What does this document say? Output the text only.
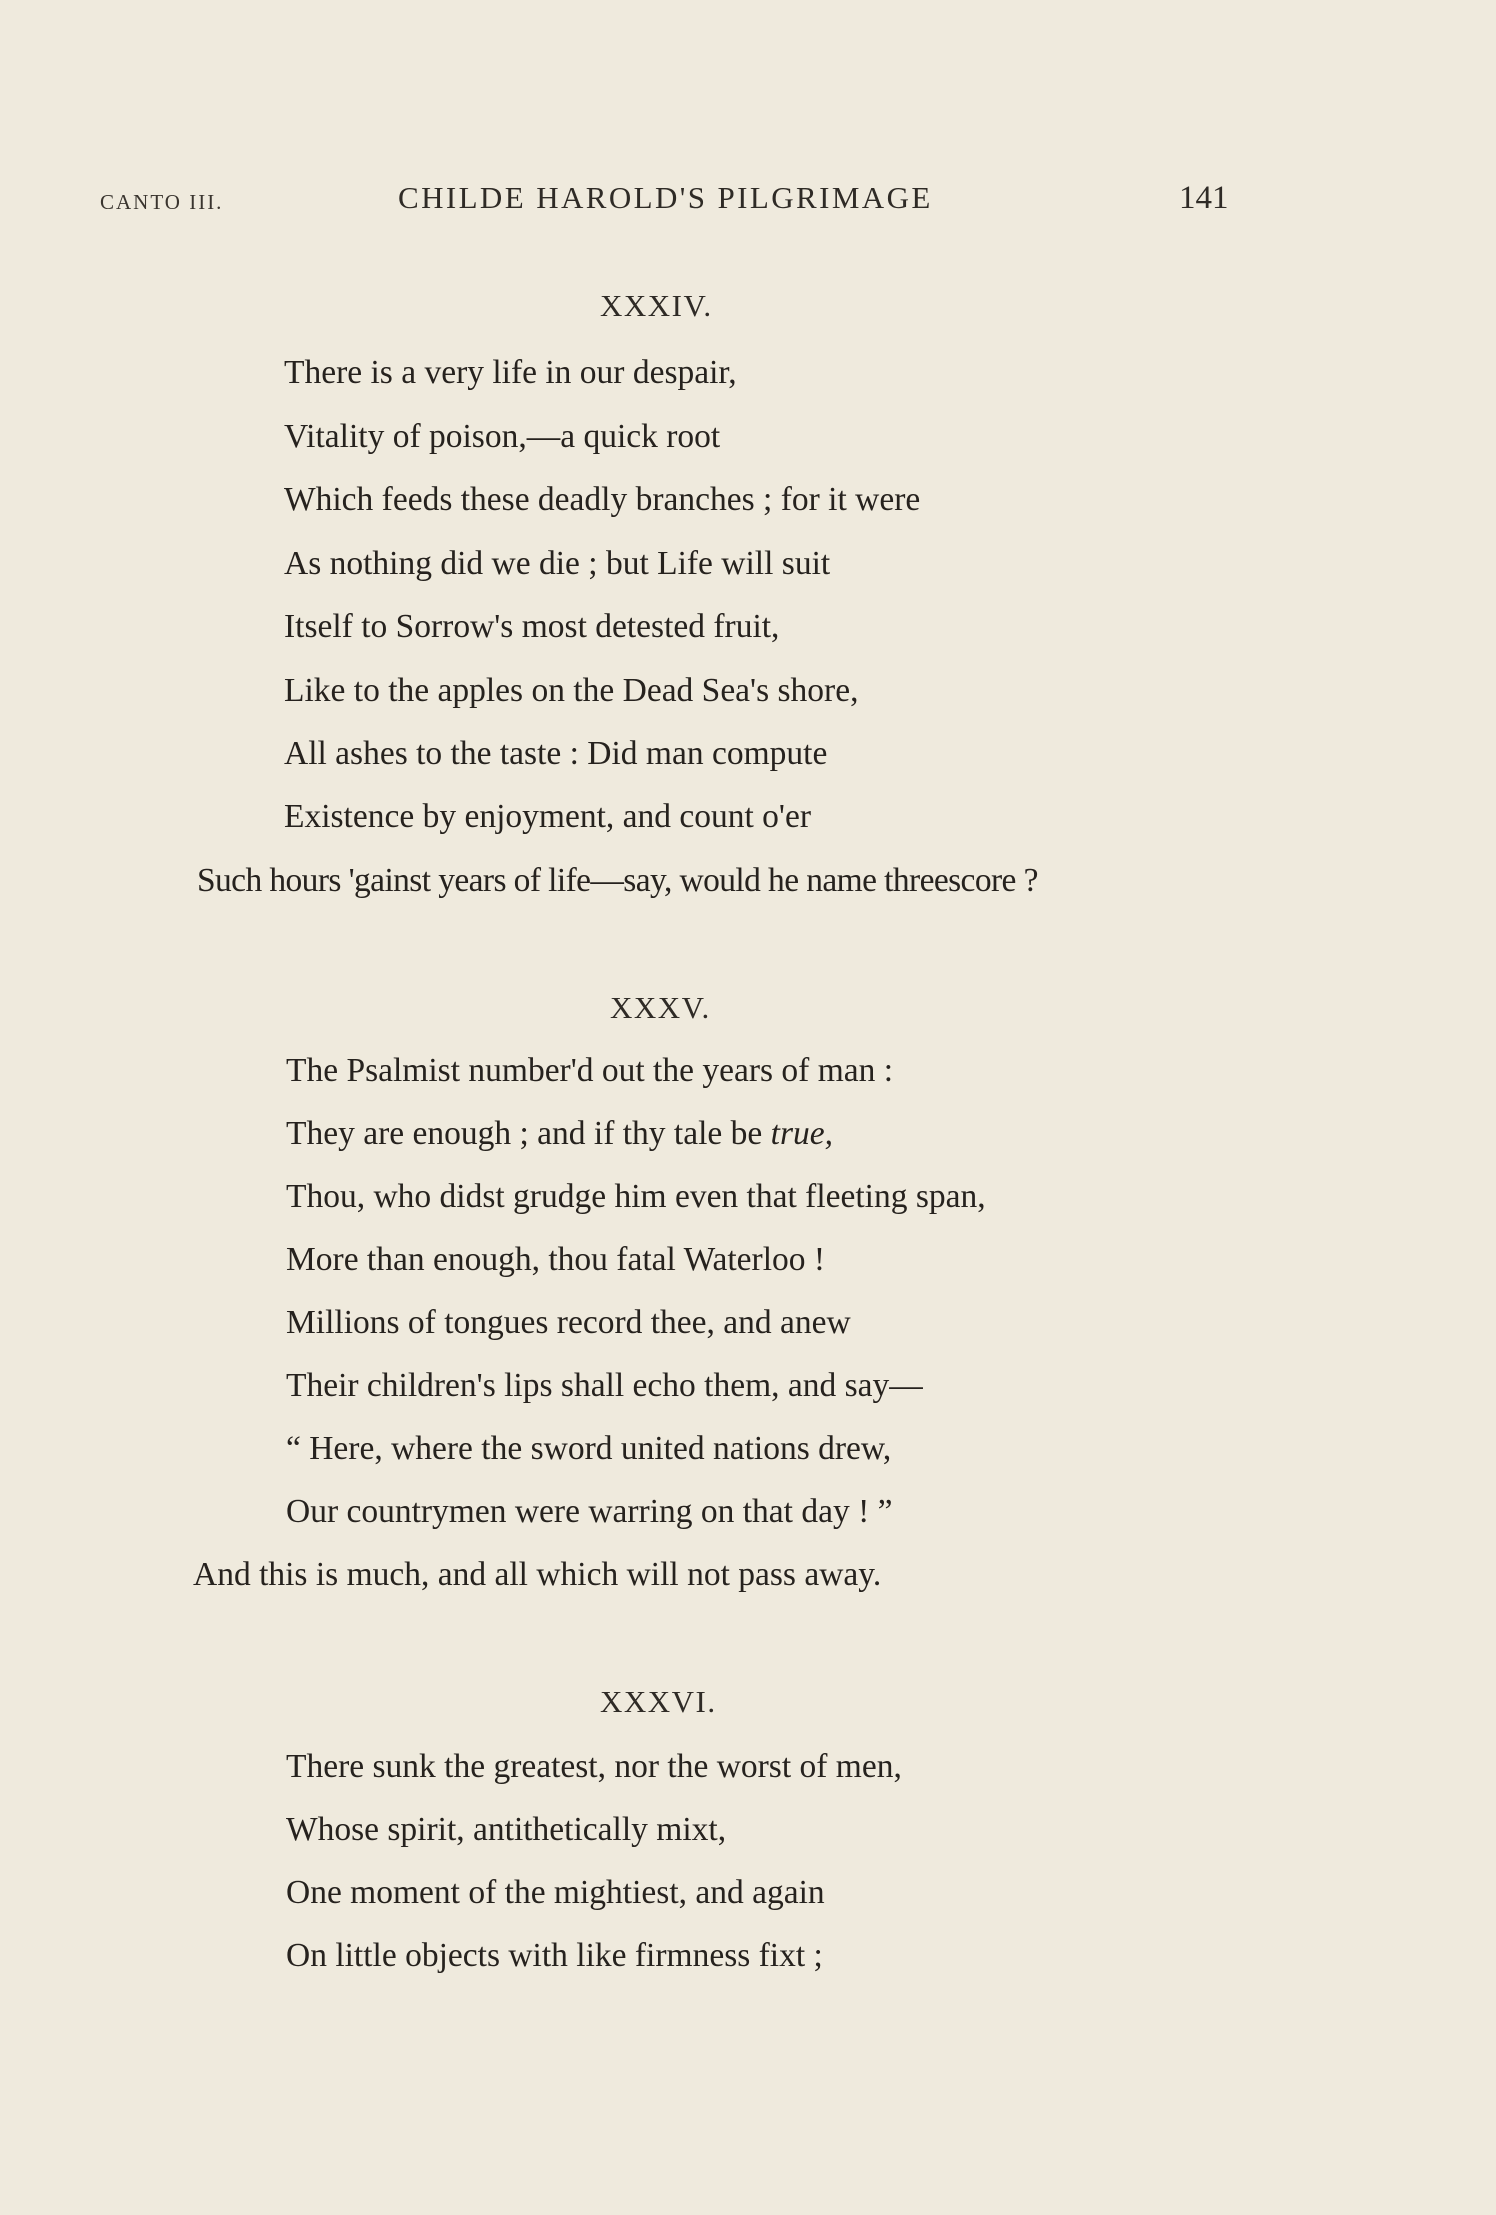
CANTO III.	CHILDE HAROLD'S PILGRIMAGE	141
XXXIV.
There is a very life in our despair,
Vitality of poison,—a quick root
Which feeds these deadly branches ; for it were
As nothing did we die ; but Life will suit
Itself to Sorrow's most detested fruit,
Like to the apples on the Dead Sea's shore,
All ashes to the taste : Did man compute
Existence by enjoyment, and count o'er
Such hours 'gainst years of life—say, would he name threescore ?
XXXV.
The Psalmist number'd out the years of man :
They are enough ; and if thy tale be true,
Thou, who didst grudge him even that fleeting span,
More than enough, thou fatal Waterloo !
Millions of tongues record thee, and anew
Their children's lips shall echo them, and say—
“ Here, where the sword united nations drew,
Our countrymen were warring on that day ! ”
And this is much, and all which will not pass away.
XXXVI.
There sunk the greatest, nor the worst of men,
Whose spirit, antithetically mixt,
One moment of the mightiest, and again
On little objects with like firmness fixt ;
